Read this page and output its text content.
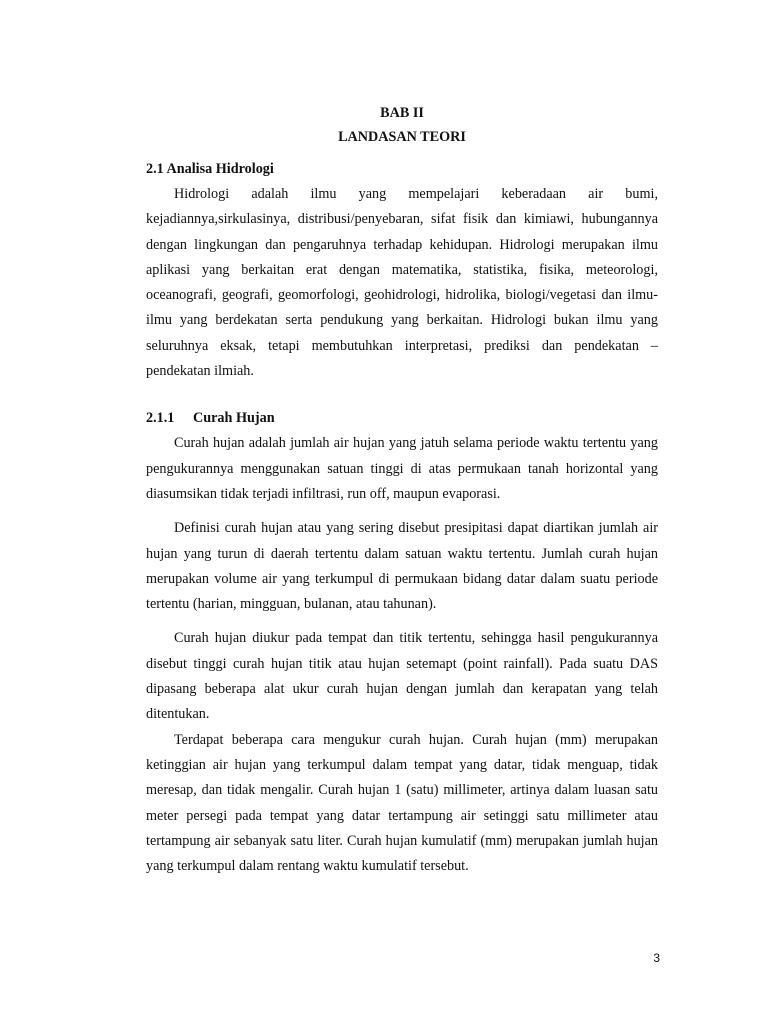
BAB II
LANDASAN TEORI
2.1 Analisa Hidrologi

Hidrologi adalah ilmu yang mempelajari keberadaan air bumi, kejadiannya,sirkulasinya, distribusi/penyebaran, sifat fisik dan kimiawi, hubungannya dengan lingkungan dan pengaruhnya terhadap kehidupan. Hidrologi merupakan ilmu aplikasi yang berkaitan erat dengan matematika, statistika, fisika, meteorologi, oceanografi, geografi, geomorfologi, geohidrologi, hidrolika, biologi/vegetasi dan ilmu-ilmu yang berdekatan serta pendukung yang berkaitan. Hidrologi bukan ilmu yang seluruhnya eksak, tetapi membutuhkan interpretasi, prediksi dan pendekatan – pendekatan ilmiah.

2.1.1 Curah Hujan

Curah hujan adalah jumlah air hujan yang jatuh selama periode waktu tertentu yang pengukurannya menggunakan satuan tinggi di atas permukaan tanah horizontal yang diasumsikan tidak terjadi infiltrasi, run off, maupun evaporasi.

Definisi curah hujan atau yang sering disebut presipitasi dapat diartikan jumlah air hujan yang turun di daerah tertentu dalam satuan waktu tertentu. Jumlah curah hujan merupakan volume air yang terkumpul di permukaan bidang datar dalam suatu periode tertentu (harian, mingguan, bulanan, atau tahunan).

Curah hujan diukur pada tempat dan titik tertentu, sehingga hasil pengukurannya disebut tinggi curah hujan titik atau hujan setemapt (point rainfall). Pada suatu DAS dipasang beberapa alat ukur curah hujan dengan jumlah dan kerapatan yang telah ditentukan.

Terdapat beberapa cara mengukur curah hujan. Curah hujan (mm) merupakan ketinggian air hujan yang terkumpul dalam tempat yang datar, tidak menguap, tidak meresap, dan tidak mengalir. Curah hujan 1 (satu) millimeter, artinya dalam luasan satu meter persegi pada tempat yang datar tertampung air setinggi satu millimeter atau tertampung air sebanyak satu liter. Curah hujan kumulatif (mm) merupakan jumlah hujan yang terkumpul dalam rentang waktu kumulatif tersebut.

3
